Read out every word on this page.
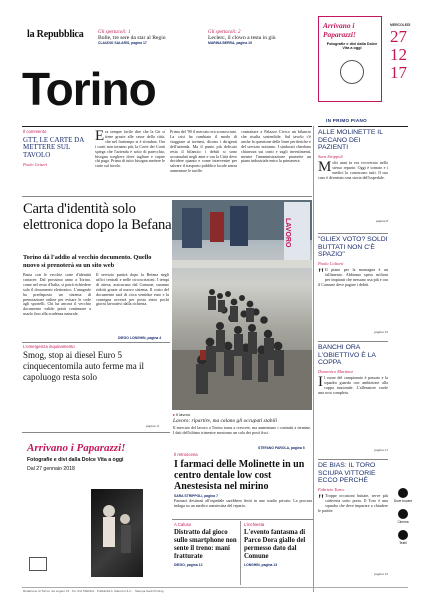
la Repubblica	Gli spettacoli: 1
Bolle, tre sere da star al Regio
CLAUDIO SALARIS, pagina 17
Gli spettacoli: 2
Leclerc, il clown a testa in giù
MARINA BERRA, pagina 19
Torino
Arrivano i Paparazzi!
Fotografie e divi dalla Dolce Vita a oggi
MERCOLEDÌ
27
12
17
IN PRIMO PIANO
Il commento
GTT, LE CARTE DA METTERE SUL TAVOLO
Paolo Griseri
E ra sempre facile dire che la Gtt si tiene grazie alle casse della città, che nel frattempo si è sfondata. Ora i conti non tornano più, la Corte dei Conti spiega che l'azienda è sotto di parecchio, bisogna scegliere dove tagliare e capire chi paga. Prima di tutto bisogna mettere le carte sul tavolo.
Prima del '90 il mercato era sconosciuto. La crisi ha cambiato il modo di viaggiare ai torinesi, dicono i dirigenti dell'azienda. Ma il punto più delicato resta il bilancio: i debiti si sono accumulati negli anni e ora la Città deve decidere quanto e come intervenire per salvare il trasporto pubblico locale senza aumentare le tariffe.
contrattare a Palazzo Civico un bilancio che risulta sostenibile. Sul tavolo c'è anche la questione delle linee periferiche e del servizio notturno. I sindacati chiedono chiarezza sui conti e sugli investimenti, mentre l'amministrazione promette un piano industriale entro la primavera.
Carta d'identità solo elettronica dopo la Befana
Torino dà l'addio al vecchio documento. Quello nuovo si prenoterà su un sito web
Basta con le vecchie carte d'identità cartacee. Dal prossimo anno a Torino, come nel resto d'Italia, si potrà richiedere solo il documento elettronico. L'anagrafe ha predisposto un sistema di prenotazione online per evitare le code agli sportelli. Chi ha ancora il vecchio documento valido potrà continuare a usarlo fino alla scadenza naturale.
Il servizio partirà dopo la Befana negli uffici centrali e nelle circoscrizioni. I tempi di attesa, assicurano dal Comune, saranno ridotti grazie al nuovo sistema. Il costo del documento sarà di circa ventidue euro e la consegna avverrà per posta entro pochi giorni lavorativi dalla richiesta.
DIEGO LONGHIN, pagina 4
LAVORO
▸ Il lavoro
Lavoro: ripartire, ma calano gli occupati stabili
Il mercato del lavoro a Torino torna a crescere, ma aumentano i contratti a termine. I dati dell'ultimo trimestre mostrano un calo dei posti fissi.
STEFANO PAROLA, pagina 5
L'emergenza inquinamento
Smog, stop ai diesel Euro 5 cinquecentomila auto ferme ma il capoluogo resta solo
pagina 11
Arrivano i Paparazzi!
Fotografie e divi dalla Dolce Vita a oggi
Dal 27 gennaio 2018
Il retroscena
I farmaci delle Molinette in un centro dentale low cost Anestesista nel mirino
SARA STRIPPOLI, pagina 7
Farmaci destinati all'ospedale sarebbero finiti in uno studio privato. La procura indaga su un medico anestesista del reparto.
A Caluso
Distratto dal gioco sullo smartphone non sente il treno: mani fratturate
DIEGO, pagina 12
L'inchiesta
L'evento fantasma di Parco Dora giallo del permesso dato dal Comune
LONGHIN, pagina 13
ALLE MOLINETTE IL DECANO DEI PAZIENTI
Sara Strippoli
Molti anni fa era ricoverato nello stesso reparto. Oggi è tornato e i medici lo conoscono tutti. Il suo caso è diventato una storia dell'ospedale.
pagina 8
"GLIEX VOTO? SOLDI BUTTATI NON C'È SPAZIO"
Paolo Coltorti
" Il piano per la montagna è un fallimento. Abbiamo speso milioni per impianti che nessuno usa più e ora il Comune deve pagare i debiti.
pagina 10
BANCHI ORA L'OBIETTIVO È LA COPPA
Domenico Martinez
Il cuore del campionato è passato e la squadra guarda con ambizione alla coppa nazionale. L'allenatore vuole una rosa completa.
pagina 21
DE BIAS: IL TORO SCIUPA VITTORIE ECCO PERCHÉ
Fabrizio Turco
" Troppe occasioni buttate, serve più cattiveria sotto porta. Il Toro è una squadra che deve imparare a chiudere le partite.
pagina 19
Dove trovare
Cinema
Teatri
Redazione di Torino: via Lugaro 15 · Tel. 011 5690111 · Pubblicità A. Manzoni & C. · Stampa Gedi Printing
